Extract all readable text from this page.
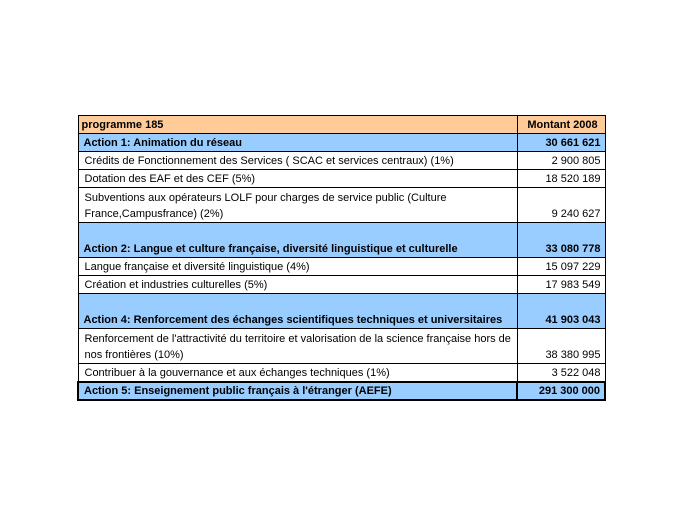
programme 185	Montant 2008
Action 1: Animation du réseau	30 661 621
Crédits de Fonctionnement des Services ( SCAC et services centraux) (1%)	2 900 805
Dotation des EAF et des CEF (5%)	18 520 189
Subventions aux opérateurs LOLF pour charges de service public (Culture France,Campusfrance) (2%)	9 240 627
Action 2: Langue et culture française, diversité linguistique et culturelle	33 080 778
Langue française et diversité linguistique (4%)	15 097 229
Création et industries culturelles (5%)	17 983 549
Action 4: Renforcement des échanges scientifiques techniques et universitaires	41 903 043
Renforcement de l'attractivité du territoire et valorisation de la science française hors de nos frontières (10%)	38 380 995
Contribuer à la gouvernance et aux échanges techniques (1%)	3 522 048
Action 5: Enseignement public français à l'étranger (AEFE)	291 300 000
